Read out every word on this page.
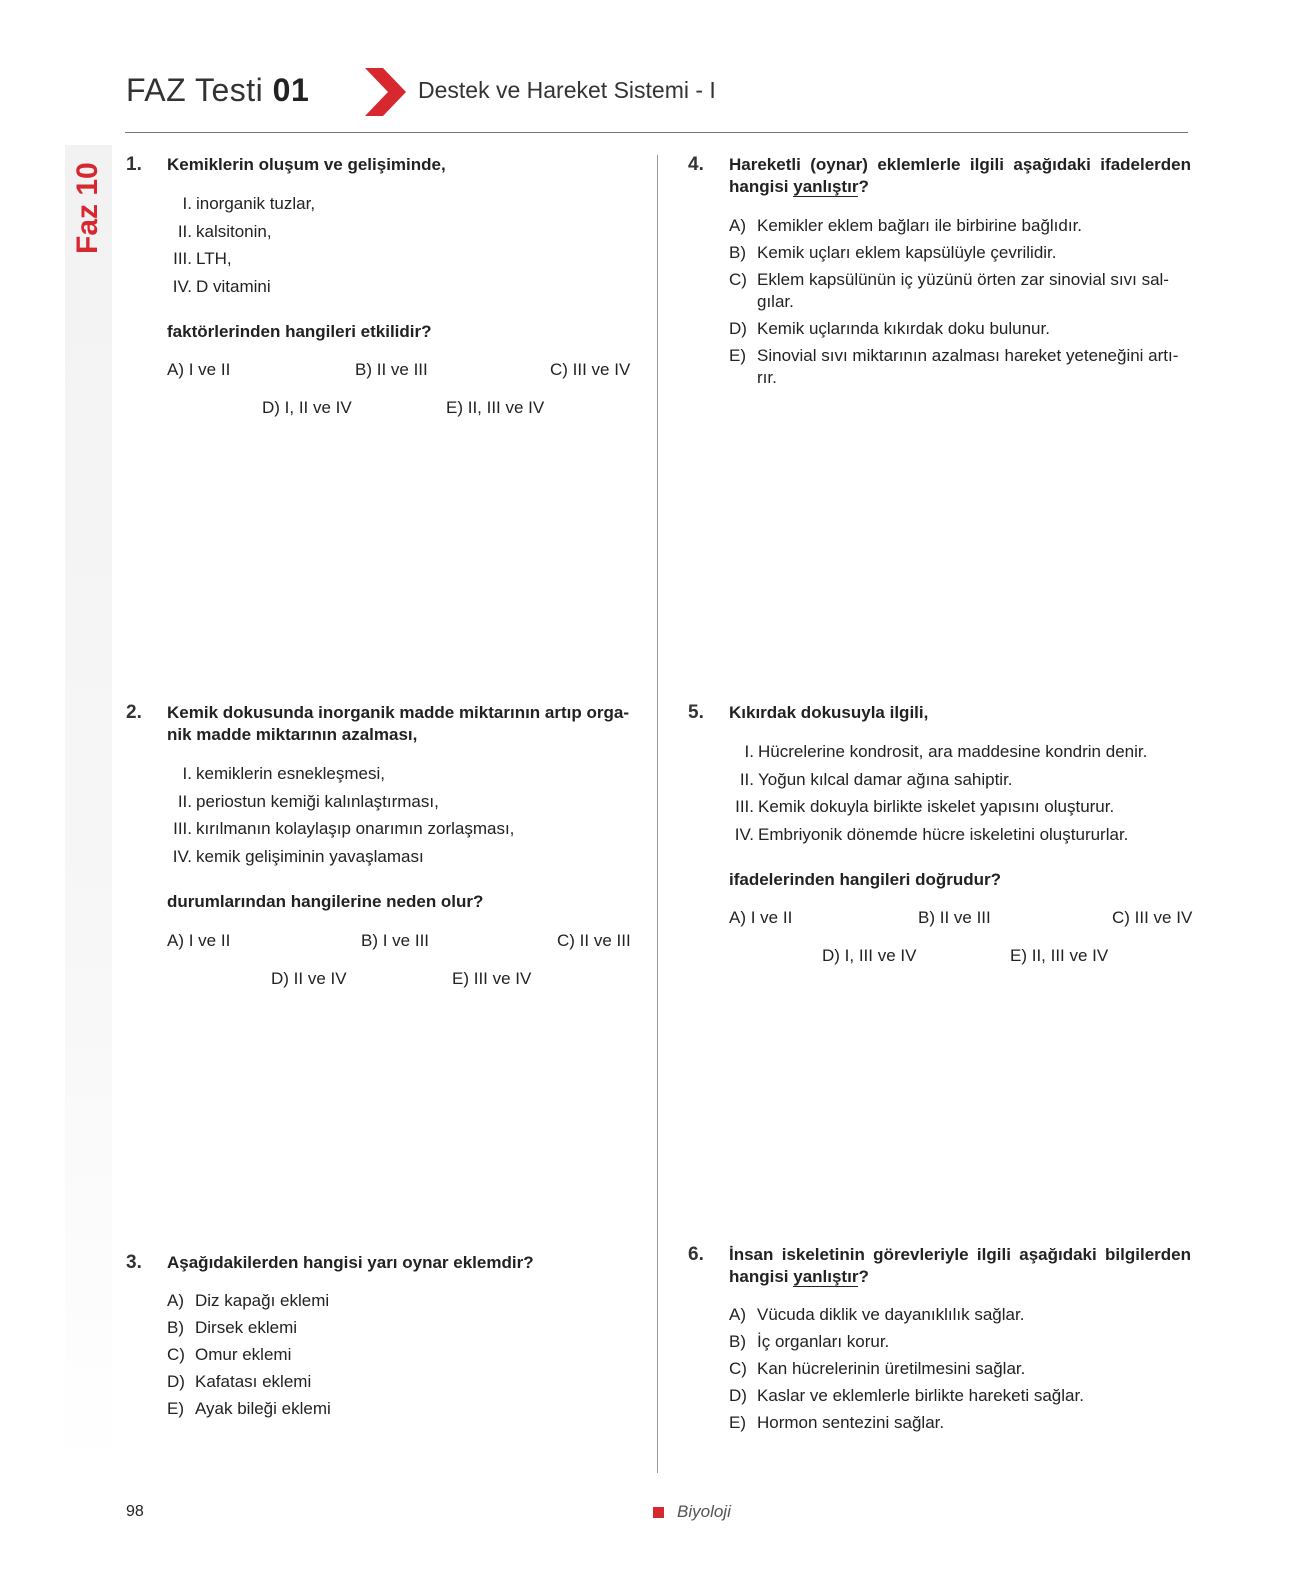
Faz 10
FAZ Testi 01	Destek ve Hareket Sistemi - I
1. Kemiklerin oluşum ve gelişiminde,
I. inorganik tuzlar,
II. kalsitonin,
III. LTH,
IV. D vitamini
faktörlerinden hangileri etkilidir?
A) I ve II	B) II ve III	C) III ve IV
D) I, II ve IV	E) II, III ve IV
2. Kemik dokusunda inorganik madde miktarının artıp orga-nik madde miktarının azalması,
I. kemiklerin esnekleşmesi,
II. periostun kemiği kalınlaştırması,
III. kırılmanın kolaylaşıp onarımın zorlaşması,
IV. kemik gelişiminin yavaşlaması
durumlarından hangilerine neden olur?
A) I ve II	B) I ve III	C) II ve III
D) II ve IV	E) III ve IV
3. Aşağıdakilerden hangisi yarı oynar eklemdir?
A) Diz kapağı eklemi
B) Dirsek eklemi
C) Omur eklemi
D) Kafatası eklemi
E) Ayak bileği eklemi
4. Hareketli (oynar) eklemlerle ilgili aşağıdaki ifadelerden hangisi yanlıştır?
A) Kemikler eklem bağları ile birbirine bağlıdır.
B) Kemik uçları eklem kapsülüyle çevrilidir.
C) Eklem kapsülünün iç yüzünü örten zar sinovial sıvı sal-gılar.
D) Kemik uçlarında kıkırdak doku bulunur.
E) Sinovial sıvı miktarının azalması hareket yeteneğini artı-rır.
5. Kıkırdak dokusuyla ilgili,
I. Hücrelerine kondrosit, ara maddesine kondrin denir.
II. Yoğun kılcal damar ağına sahiptir.
III. Kemik dokuyla birlikte iskelet yapısını oluşturur.
IV. Embriyonik dönemde hücre iskeletini oluştururlar.
ifadelerinden hangileri doğrudur?
A) I ve II	B) II ve III	C) III ve IV
D) I, III ve IV	E) II, III ve IV
6. İnsan iskeletinin görevleriyle ilgili aşağıdaki bilgilerden hangisi yanlıştır?
A) Vücuda diklik ve dayanıklılık sağlar.
B) İç organları korur.
C) Kan hücrelerinin üretilmesini sağlar.
D) Kaslar ve eklemlerle birlikte hareketi sağlar.
E) Hormon sentezini sağlar.
98	Biyoloji
